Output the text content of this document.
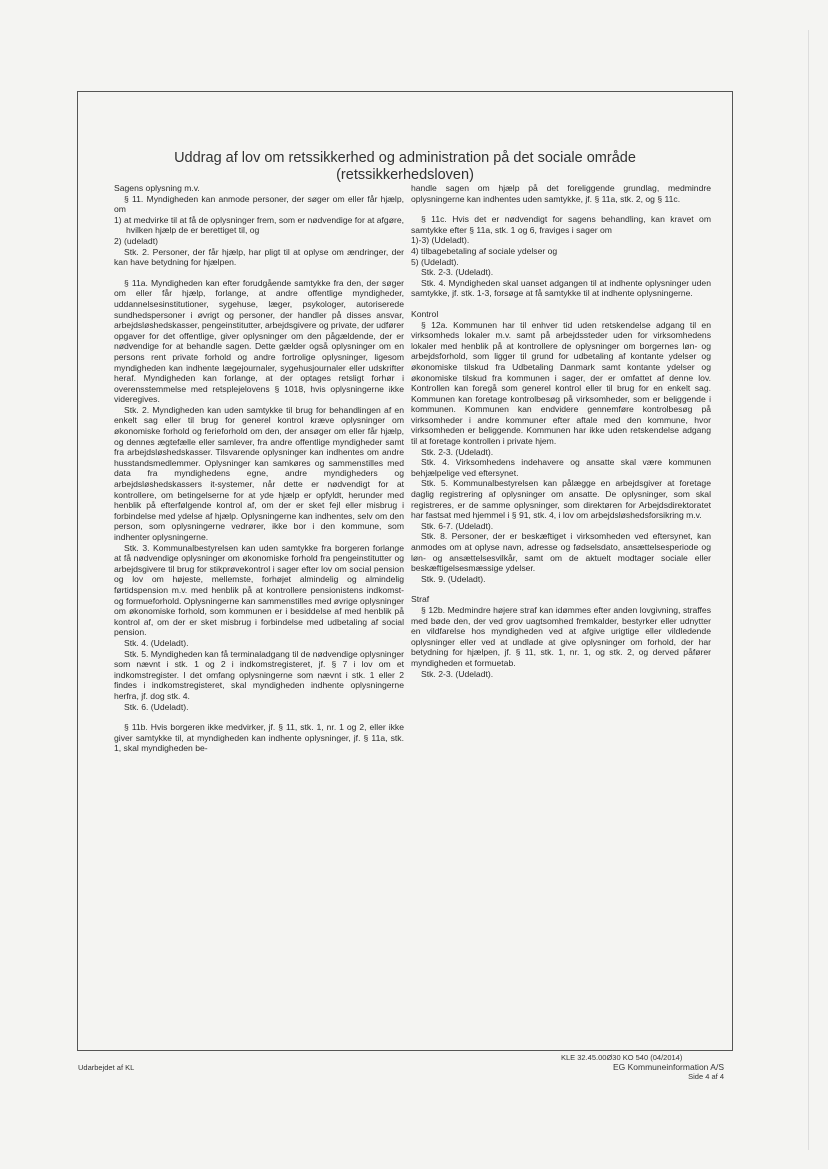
Uddrag af lov om retssikkerhed og administration på det sociale område
(retssikkerhedsloven)

Sagens oplysning m.v.

§ 11. Myndigheden kan anmode personer, der søger om eller får hjælp, om

1) at medvirke til at få de oplysninger frem, som er nødvendige for at afgøre, hvilken hjælp de er berettiget til, og

2) (udeladt)

Stk. 2. Personer, der får hjælp, har pligt til at oplyse om ændringer, der kan have betydning for hjælpen.

§ 11a. Myndigheden kan efter forudgående samtykke fra den, der søger om eller får hjælp, forlange, at andre offentlige myndigheder, uddannelsesinstitutioner, sygehuse, læger, psykologer, autoriserede sundhedspersoner i øvrigt og personer, der handler på disses ansvar, arbejdsløshedskasser, pengeinstitutter, arbejdsgivere og private, der udfører opgaver for det offentlige, giver oplysninger om den pågældende, der er nødvendige for at behandle sagen. Dette gælder også oplysninger om en persons rent private forhold og andre fortrolige oplysninger, ligesom myndigheden kan indhente lægejournaler, sygehusjournaler eller udskrifter heraf. Myndigheden kan forlange, at der optages retsligt forhør i overensstemmelse med retsplejelovens § 1018, hvis oplysningerne ikke videregives.

Stk. 2. Myndigheden kan uden samtykke til brug for behandlingen af en enkelt sag eller til brug for generel kontrol kræve oplysninger om økonomiske forhold og ferieforhold om den, der ansøger om eller får hjælp, og dennes ægtefælle eller samlever, fra andre offentlige myndigheder samt fra arbejdsløshedskasser. Tilsvarende oplysninger kan indhentes om andre husstandsmedlemmer. Oplysninger kan samkøres og sammenstilles med data fra myndighedens egne, andre myndigheders og arbejdsløshedskassers it-systemer, når dette er nødvendigt for at kontrollere, om betingelserne for at yde hjælp er opfyldt, herunder med henblik på efterfølgende kontrol af, om der er sket fejl eller misbrug i forbindelse med ydelse af hjælp. Oplysningerne kan indhentes, selv om den person, som oplysningerne vedrører, ikke bor i den kommune, som indhenter oplysningerne.

Stk. 3. Kommunalbestyrelsen kan uden samtykke fra borgeren forlange at få nødvendige oplysninger om økonomiske forhold fra pengeinstitutter og arbejdsgivere til brug for stikprøvekontrol i sager efter lov om social pension og lov om højeste, mellemste, forhøjet almindelig og almindelig førtidspension m.v. med henblik på at kontrollere pensionistens indkomst- og formueforhold. Oplysningerne kan sammenstilles med øvrige oplysninger om økonomiske forhold, som kommunen er i besiddelse af med henblik på kontrol af, om der er sket misbrug i forbindelse med udbetaling af social pension.

Stk. 4. (Udeladt).

Stk. 5. Myndigheden kan få terminaladgang til de nødvendige oplysninger som nævnt i stk. 1 og 2 i indkomstregisteret, jf. § 7 i lov om et indkomstregister. I det omfang oplysningerne som nævnt i stk. 1 eller 2 findes i indkomstregisteret, skal myndigheden indhente oplysningerne herfra, jf. dog stk. 4.

Stk. 6. (Udeladt).

§ 11b. Hvis borgeren ikke medvirker, jf. § 11, stk. 1, nr. 1 og 2, eller ikke giver samtykke til, at myndigheden kan indhente oplysninger, jf. § 11a, stk. 1, skal myndigheden be-

handle sagen om hjælp på det foreliggende grundlag, medmindre oplysningerne kan indhentes uden samtykke, jf. § 11a, stk. 2, og § 11c.

§ 11c. Hvis det er nødvendigt for sagens behandling, kan kravet om samtykke efter § 11a, stk. 1 og 6, fraviges i sager om

1)-3) (Udeladt).

4) tilbagebetaling af sociale ydelser og

5) (Udeladt).

Stk. 2-3. (Udeladt).

Stk. 4. Myndigheden skal uanset adgangen til at indhente oplysninger uden samtykke, jf. stk. 1-3, forsøge at få samtykke til at indhente oplysningerne.

Kontrol

§ 12a. Kommunen har til enhver tid uden retskendelse adgang til en virksomheds lokaler m.v. samt på arbejdssteder uden for virksomhedens lokaler med henblik på at kontrollere de oplysninger om borgernes løn- og arbejdsforhold, som ligger til grund for udbetaling af kontante ydelser og økonomiske tilskud fra Udbetaling Danmark samt kontante ydelser og økonomiske tilskud fra kommunen i sager, der er omfattet af denne lov. Kontrollen kan foregå som generel kontrol eller til brug for en enkelt sag. Kommunen kan foretage kontrolbesøg på virksomheder, som er beliggende i kommunen. Kommunen kan endvidere gennemføre kontrolbesøg på virksomheder i andre kommuner efter aftale med den kommune, hvor virksomheden er beliggende. Kommunen har ikke uden retskendelse adgang til at foretage kontrollen i private hjem.

Stk. 2-3. (Udeladt).

Stk. 4. Virksomhedens indehavere og ansatte skal være kommunen behjælpelige ved eftersynet.

Stk. 5. Kommunalbestyrelsen kan pålægge en arbejdsgiver at foretage daglig registrering af oplysninger om ansatte. De oplysninger, som skal registreres, er de samme oplysninger, som direktøren for Arbejdsdirektoratet har fastsat med hjemmel i § 91, stk. 4, i lov om arbejdsløshedsforsikring m.v.

Stk. 6-7. (Udeladt).

Stk. 8. Personer, der er beskæftiget i virksomheden ved eftersynet, kan anmodes om at oplyse navn, adresse og fødselsdato, ansættelsesperiode og løn- og ansættelsesvilkår, samt om de aktuelt modtager sociale eller beskæftigelsesmæssige ydelser.

Stk. 9. (Udeladt).

Straf

§ 12b. Medmindre højere straf kan idømmes efter anden lovgivning, straffes med bøde den, der ved grov uagtsomhed fremkalder, bestyrker eller udnytter en vildfarelse hos myndigheden ved at afgive urigtige eller vildledende oplysninger eller ved at undlade at give oplysninger om forhold, der har betydning for hjælpen, jf. § 11, stk. 1, nr. 1, og stk. 2, og derved påfører myndigheden et formuetab.

Stk. 2-3. (Udeladt).

KLE 32.45.00Ø30 KO 540 (04/2014)
Udarbejdet af KL	EG Kommuneinformation A/S
Side 4 af 4
